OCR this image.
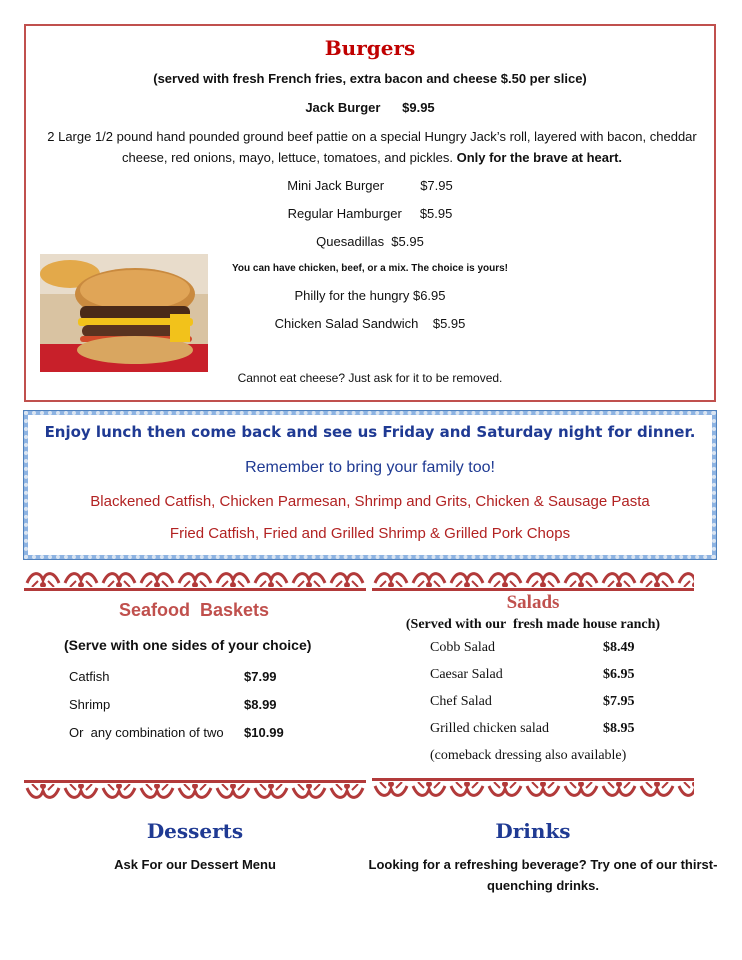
Burgers
(served with fresh French fries, extra bacon and cheese $.50 per slice)
Jack Burger      $9.95
2 Large 1/2 pound hand pounded ground beef pattie on a special Hungry Jack’s roll, layered with bacon, cheddar cheese, red onions, mayo, lettuce, tomatoes, and pickles. Only for the brave at heart.
Mini Jack Burger          $7.95
Regular Hamburger     $5.95
Quesadillas  $5.95
You can have chicken, beef, or a mix. The choice is yours!
Philly for the hungry $6.95
Chicken Salad Sandwich    $5.95
Cannot eat cheese? Just ask for it to be removed.
Enjoy lunch then come back and see us Friday and Saturday night for dinner.
Remember to bring your family too!
Blackened Catfish, Chicken Parmesan, Shrimp and Grits, Chicken & Sausage Pasta
Fried Catfish, Fried and Grilled Shrimp & Grilled Pork Chops
Seafood  Baskets
(Serve with one sides of your choice)
Catfish	$7.99
Shrimp	$8.99
Or  any combination of two $10.99
Salads
(Served with our  fresh made house ranch)
Cobb Salad	$8.49
Caesar Salad	$6.95
Chef Salad	$7.95
Grilled chicken salad	$8.95
(comeback dressing also available)
Desserts
Ask For our Dessert Menu
Drinks
Looking for a refreshing beverage? Try one of our thirst-
quenching drinks.
